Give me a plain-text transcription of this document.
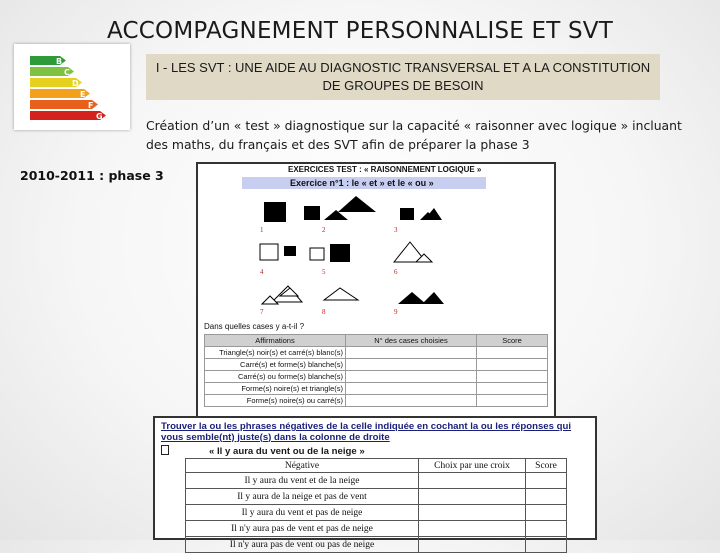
ACCOMPAGNEMENT PERSONNALISE ET SVT
B
C
D
E
F
G
I - LES SVT : UNE AIDE AU DIAGNOSTIC TRANSVERSAL ET A LA CONSTITUTION DE GROUPES DE BESOIN
Création d’un « test » diagnostique sur la capacité « raisonner avec logique » incluant des maths, du français et des SVT afin de préparer la phase 3
2010-2011 : phase 3	EXERCICES TEST : « RAISONNEMENT LOGIQUE »
Exercice n°1 : le « et » et le « ou »
1	2	3
4	5	6
7	8	9
Dans quelles cases y a-t-il ?
Affirmations	N° des cases choisies	Score
Triangle(s) noir(s) et carré(s) blanc(s)		
Carré(s) et forme(s) blanche(s)		
Carré(s) ou forme(s) blanche(s)		
Forme(s) noire(s) et triangle(s)		
Forme(s) noire(s) ou carré(s)		
Trouver la ou les phrases négatives de la celle indiquée en cochant la ou les réponses qui vous semble(nt) juste(s) dans la colonne de droite
« Il y aura du vent ou de la neige »
Négative	Choix par une croix	Score
Il y aura du vent et de la neige		
Il y aura de la neige et pas de vent		
Il y aura du vent et pas de neige		
Il n'y aura pas de vent et pas de neige		
Il n'y aura pas de vent ou pas de neige		
